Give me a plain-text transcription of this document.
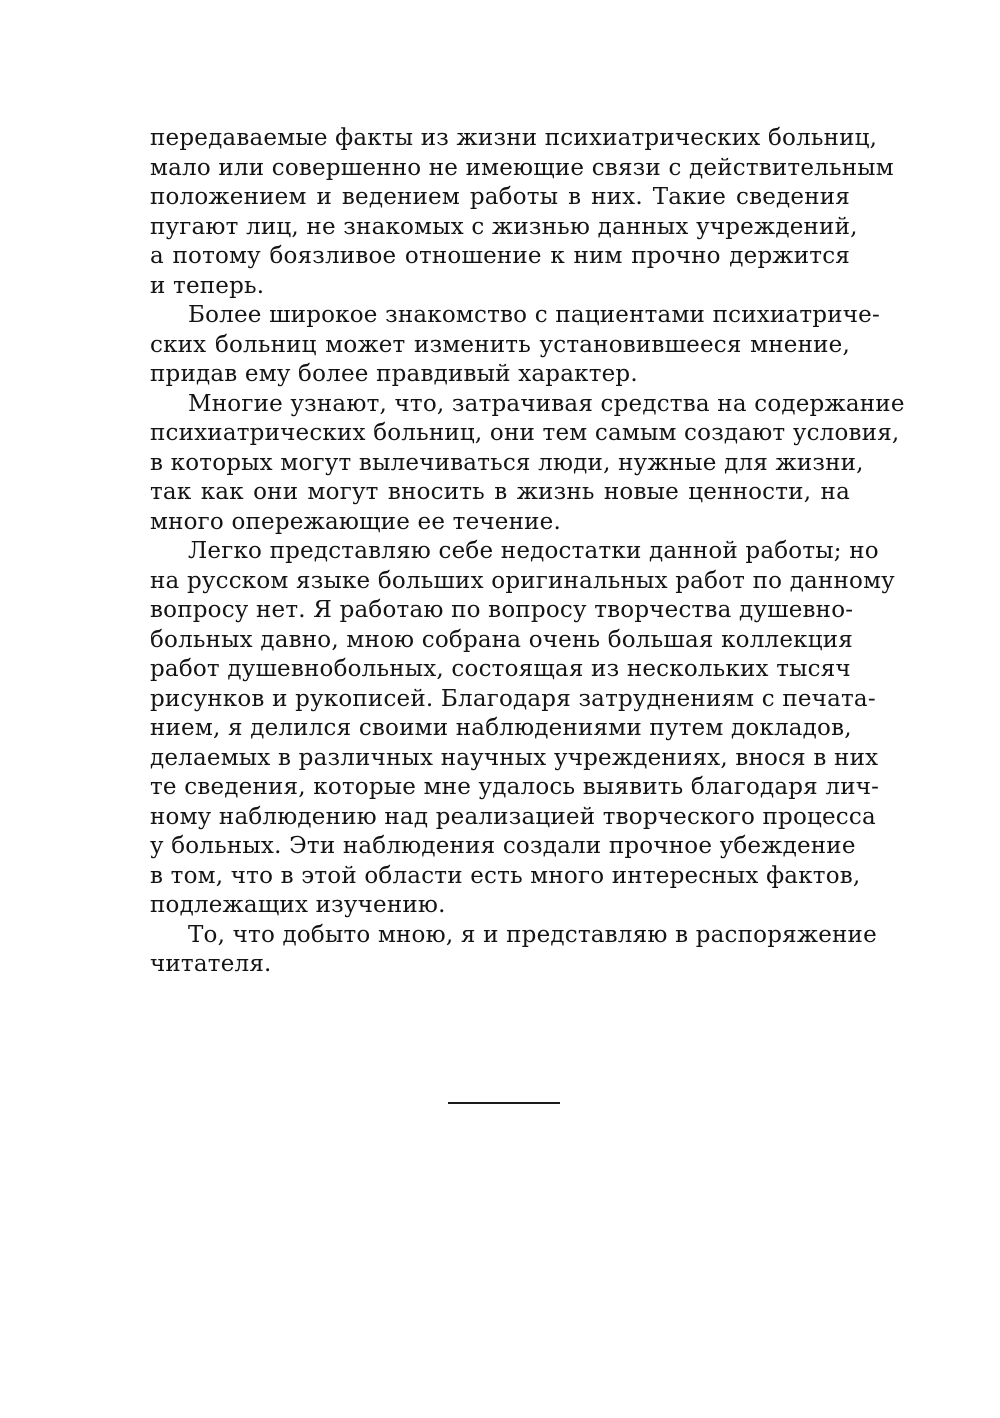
передаваемые факты из жизни психиатрических больниц,
мало или совершенно не имеющие связи с действительным
положением и ведением работы в них. Такие сведения
пугают лиц, не знакомых с жизнью данных учреждений,
а потому боязливое отношение к ним прочно держится
и теперь.
Более широкое знакомство с пациентами психиатриче-
ских больниц может изменить установившееся мнение,
придав ему более правдивый характер.
Многие узнают, что, затрачивая средства на содержание
психиатрических больниц, они тем самым создают условия,
в которых могут вылечиваться люди, нужные для жизни,
так как они могут вносить в жизнь новые ценности, на
много опережающие ее течение.
Легко представляю себе недостатки данной работы; но
на русском языке больших оригинальных работ по данному
вопросу нет. Я работаю по вопросу творчества душевно-
больных давно, мною собрана очень большая коллекция
работ душевнобольных, состоящая из нескольких тысяч
рисунков и рукописей. Благодаря затруднениям с печата-
нием, я делился своими наблюдениями путем докладов,
делаемых в различных научных учреждениях, внося в них
те сведения, которые мне удалось выявить благодаря лич-
ному наблюдению над реализацией творческого процесса
у больных. Эти наблюдения создали прочное убеждение
в том, что в этой области есть много интересных фактов,
подлежащих изучению.
То, что добыто мною, я и представляю в распоряжение
читателя.
